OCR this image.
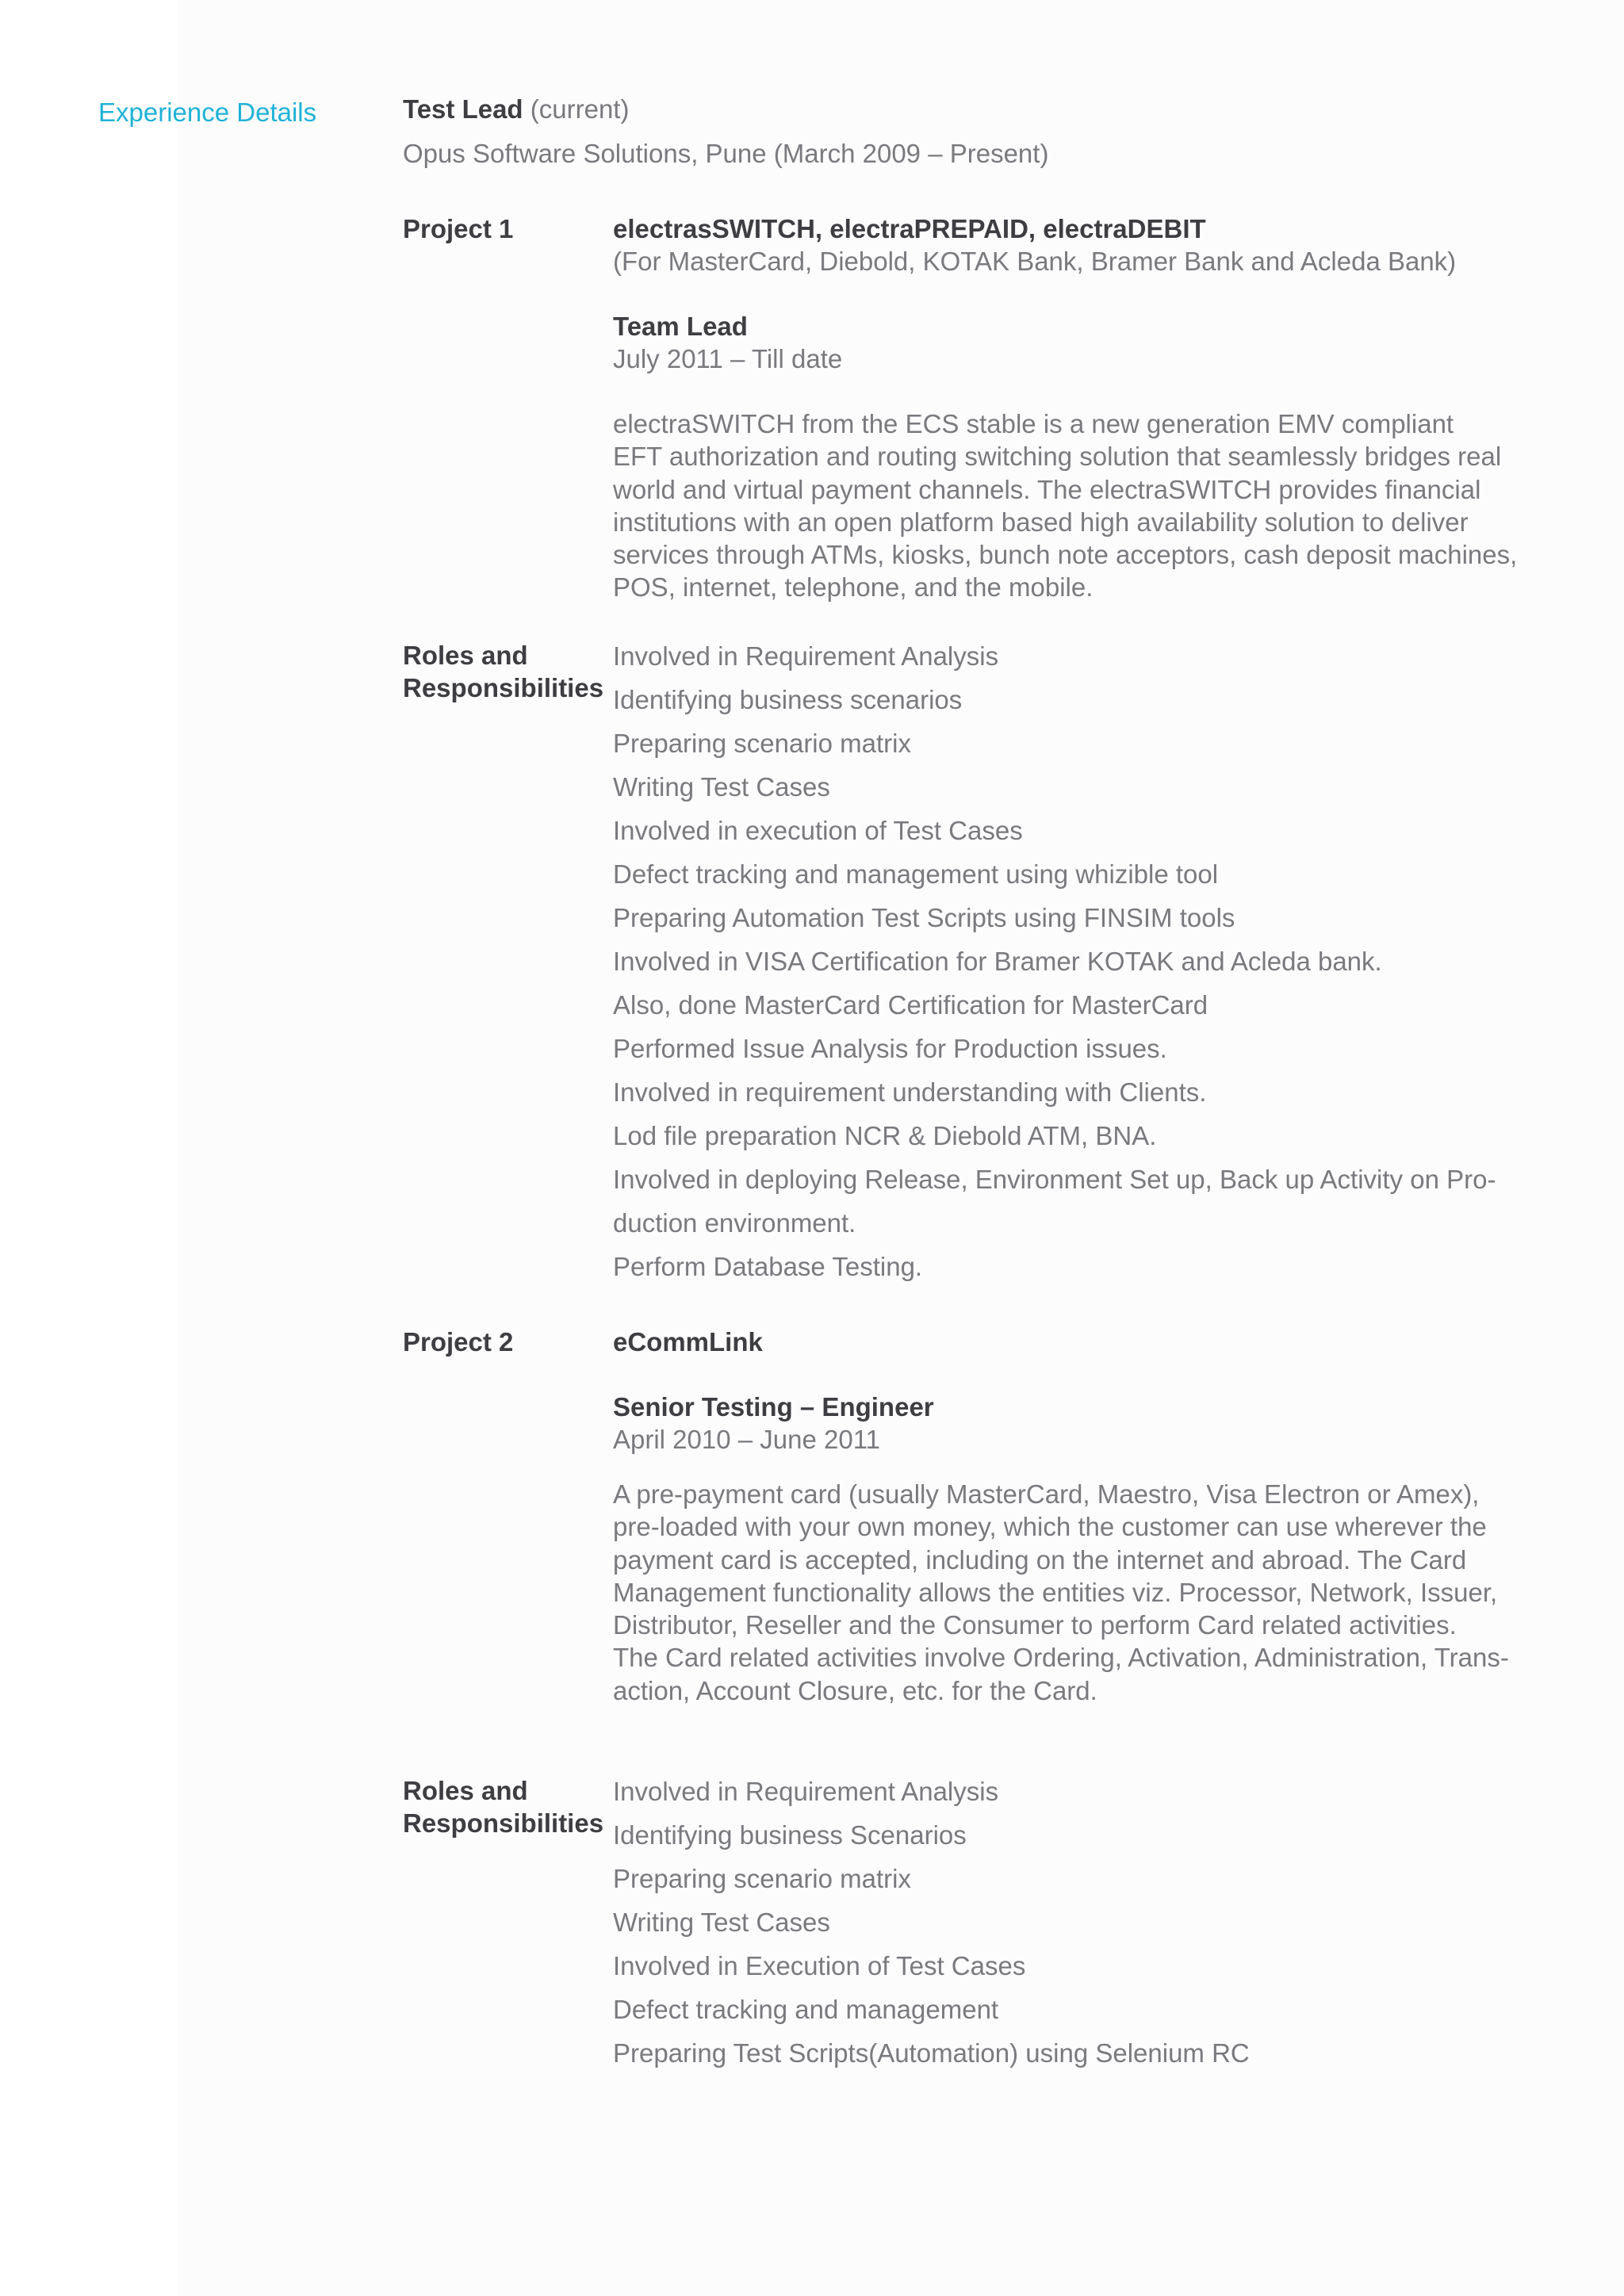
Experience Details	Test Lead (current)

Opus Software Solutions, Pune (March 2009 – Present)

Project 1	electrasSWITCH, electraPREPAID, electraDEBIT

(For MasterCard, Diebold, KOTAK Bank, Bramer Bank and Acleda Bank)

Team Lead

July 2011 – Till date

electraSWITCH from the ECS stable is a new generation EMV compliant

EFT authorization and routing switching solution that seamlessly bridges real

world and virtual payment channels. The electraSWITCH provides financial

institutions with an open platform based high availability solution to deliver

services through ATMs, kiosks, bunch note acceptors, cash deposit machines,

POS, internet, telephone, and the mobile.

Roles and
Responsibilities
Involved in Requirement Analysis
Identifying business scenarios
Preparing scenario matrix
Writing Test Cases
Involved in execution of Test Cases
Defect tracking and management using whizible tool
Preparing Automation Test Scripts using FINSIM tools
Involved in VISA Certification for Bramer KOTAK and Acleda bank.
Also, done MasterCard Certification for MasterCard
Performed Issue Analysis for Production issues.
Involved in requirement understanding with Clients.
Lod file preparation NCR & Diebold ATM, BNA.
Involved in deploying Release, Environment Set up, Back up Activity on Pro-
duction environment.
Perform Database Testing.
Project 2	eCommLink

Senior Testing – Engineer

April 2010 – June 2011

A pre-payment card (usually MasterCard, Maestro, Visa Electron or Amex),

pre-loaded with your own money, which the customer can use wherever the

payment card is accepted, including on the internet and abroad. The Card

Management functionality allows the entities viz. Processor, Network, Issuer,

Distributor, Reseller and the Consumer to perform Card related activities.

The Card related activities involve Ordering, Activation, Administration, Trans-

action, Account Closure, etc. for the Card.

Roles and
Responsibilities
Involved in Requirement Analysis
Identifying business Scenarios
Preparing scenario matrix
Writing Test Cases
Involved in Execution of Test Cases
Defect tracking and management
Preparing Test Scripts(Automation) using Selenium RC
